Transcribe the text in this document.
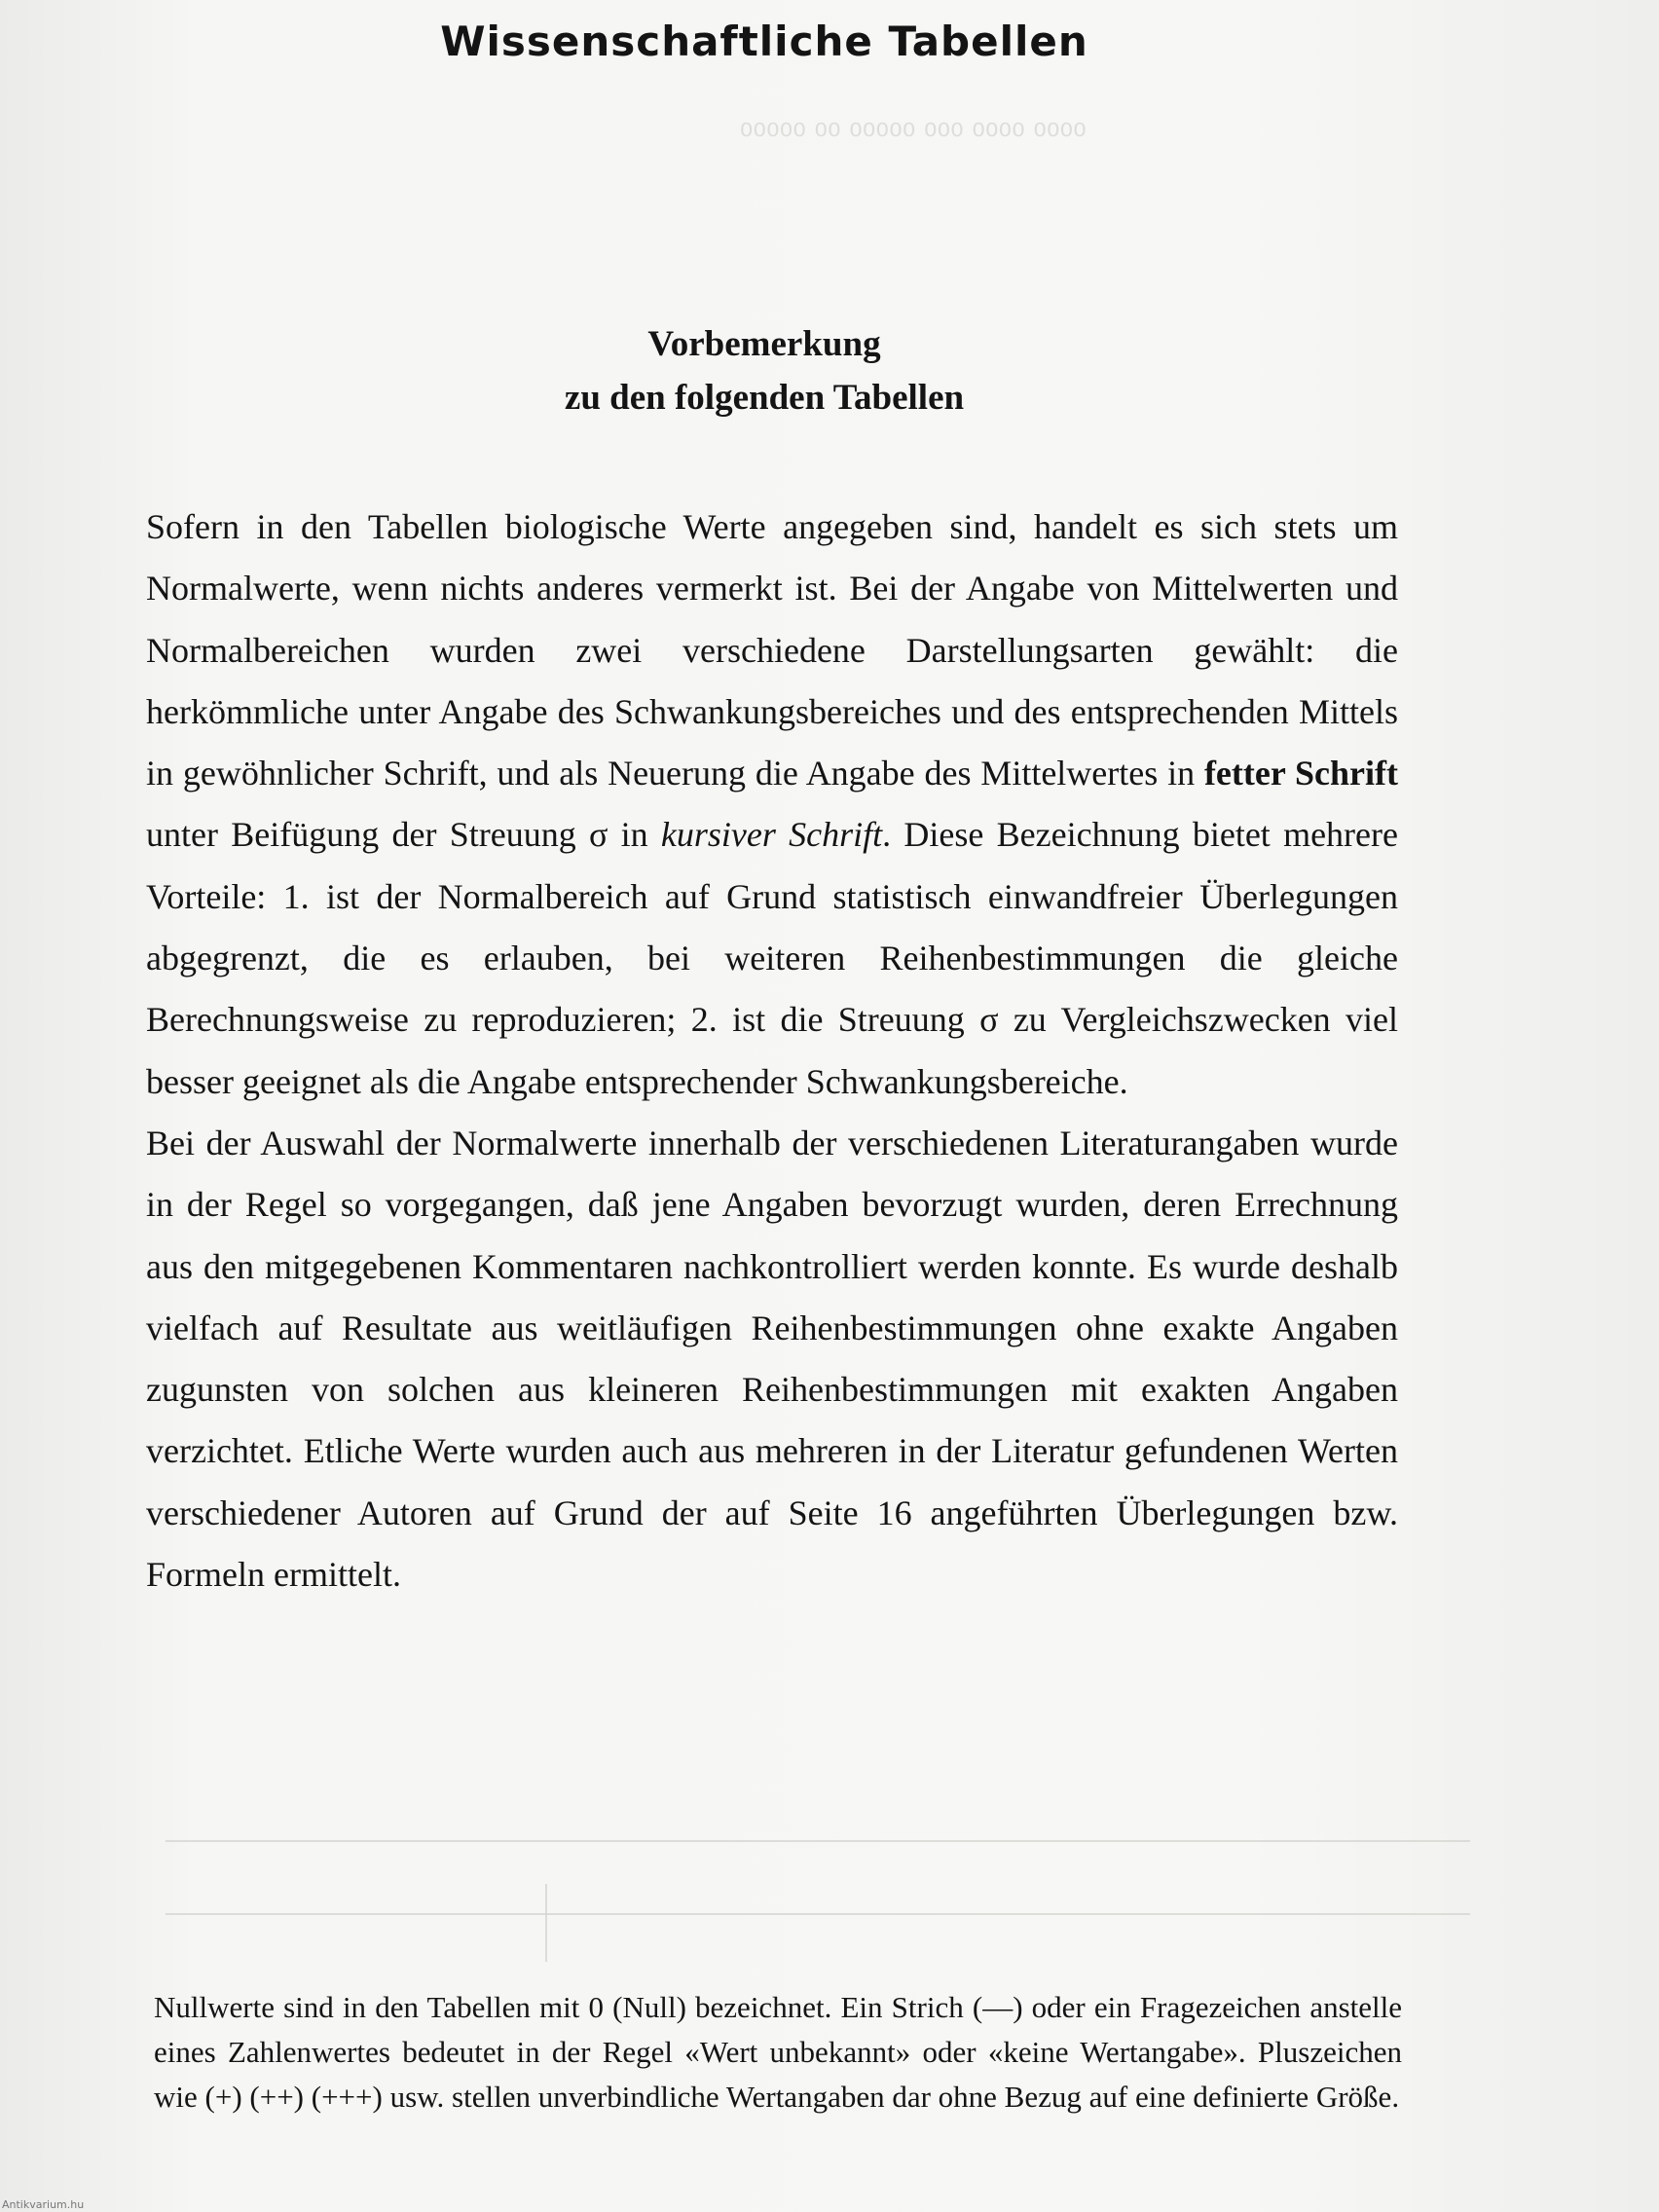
⁰⁰⁰⁰ ⁰⁰⁰⁰ ⁰⁰⁰ ⁰⁰⁰⁰⁰ ⁰⁰ ⁰⁰⁰⁰⁰
Wissenschaftliche Tabellen
Vorbemerkung
zu den folgenden Tabellen

Sofern in den Tabellen biologische Werte angegeben sind, handelt es sich stets um Normalwerte, wenn nichts anderes vermerkt ist. Bei der Angabe von Mittelwerten und Normalbereichen wurden zwei verschiedene Darstellungsarten gewählt: die herkömmliche unter Angabe des Schwankungsbereiches und des entsprechenden Mittels in gewöhnlicher Schrift, und als Neuerung die Angabe des Mittelwertes in fetter Schrift unter Beifügung der Streuung σ in kursiver Schrift. Diese Bezeichnung bietet mehrere Vorteile: 1. ist der Normalbereich auf Grund statistisch einwandfreier Überlegungen abgegrenzt, die es erlauben, bei weiteren Reihenbestimmungen die gleiche Berechnungsweise zu reproduzieren; 2. ist die Streuung σ zu Vergleichszwecken viel besser geeignet als die Angabe entsprechender Schwankungsbereiche.

Bei der Auswahl der Normalwerte innerhalb der verschiedenen Literaturangaben wurde in der Regel so vorgegangen, daß jene Angaben bevorzugt wurden, deren Errechnung aus den mitgegebenen Kommentaren nachkontrolliert werden konnte. Es wurde deshalb vielfach auf Resultate aus weitläufigen Reihenbestimmungen ohne exakte Angaben zugunsten von solchen aus kleineren Reihenbestimmungen mit exakten Angaben verzichtet. Etliche Werte wurden auch aus mehreren in der Literatur gefundenen Werten verschiedener Autoren auf Grund der auf Seite 16 angeführten Überlegungen bzw. Formeln ermittelt.

Nullwerte sind in den Tabellen mit 0 (Null) bezeichnet. Ein Strich (—) oder ein Fragezeichen anstelle eines Zahlenwertes bedeutet in der Regel «Wert unbekannt» oder «keine Wertangabe». Pluszeichen wie (+) (++) (+++) usw. stellen unverbindliche Wertangaben dar ohne Bezug auf eine definierte Größe.
Antikvarium.hu
